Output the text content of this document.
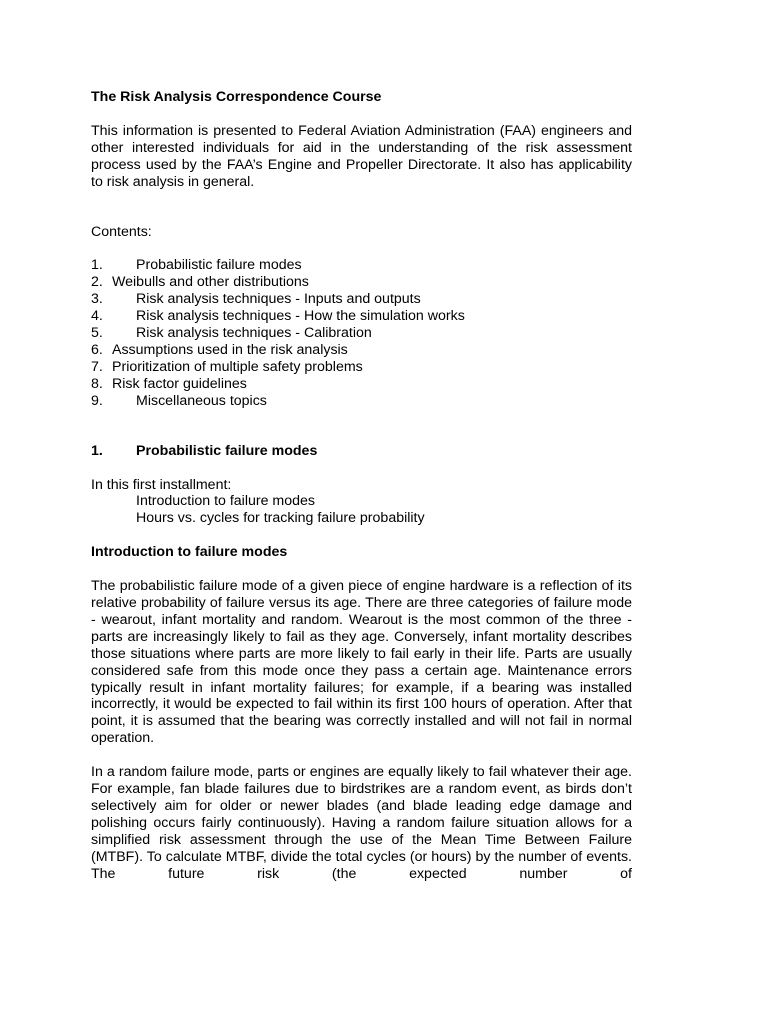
The Risk Analysis Correspondence Course
This information is presented to Federal Aviation Administration (FAA) engineers and other interested individuals for aid in the understanding of the risk assessment process used by the FAA’s Engine and Propeller Directorate. It also has applicability to risk analysis in general.
Contents:
1.	Probabilistic failure modes
2. Weibulls and other distributions
3.	Risk analysis techniques - Inputs and outputs
4.	Risk analysis techniques - How the simulation works
5.	Risk analysis techniques - Calibration
6. Assumptions used in the risk analysis
7. Prioritization of multiple safety problems
8. Risk factor guidelines
9.	Miscellaneous topics
1.	Probabilistic failure modes
In this first installment:
Introduction to failure modes
Hours vs. cycles for tracking failure probability
Introduction to failure modes
The probabilistic failure mode of a given piece of engine hardware is a reflection of its relative probability of failure versus its age. There are three categories of failure mode - wearout, infant mortality and random. Wearout is the most common of the three - parts are increasingly likely to fail as they age. Conversely, infant mortality describes those situations where parts are more likely to fail early in their life. Parts are usually considered safe from this mode once they pass a certain age. Maintenance errors typically result in infant mortality failures; for example, if a bearing was installed incorrectly, it would be expected to fail within its first 100 hours of operation. After that point, it is assumed that the bearing was correctly installed and will not fail in normal operation.
In a random failure mode, parts or engines are equally likely to fail whatever their age. For example, fan blade failures due to birdstrikes are a random event, as birds don’t selectively aim for older or newer blades (and blade leading edge damage and polishing occurs fairly continuously). Having a random failure situation allows for a simplified risk assessment through the use of the Mean Time Between Failure (MTBF). To calculate MTBF, divide the total cycles (or hours) by the number of events. The future risk (the expected number of
